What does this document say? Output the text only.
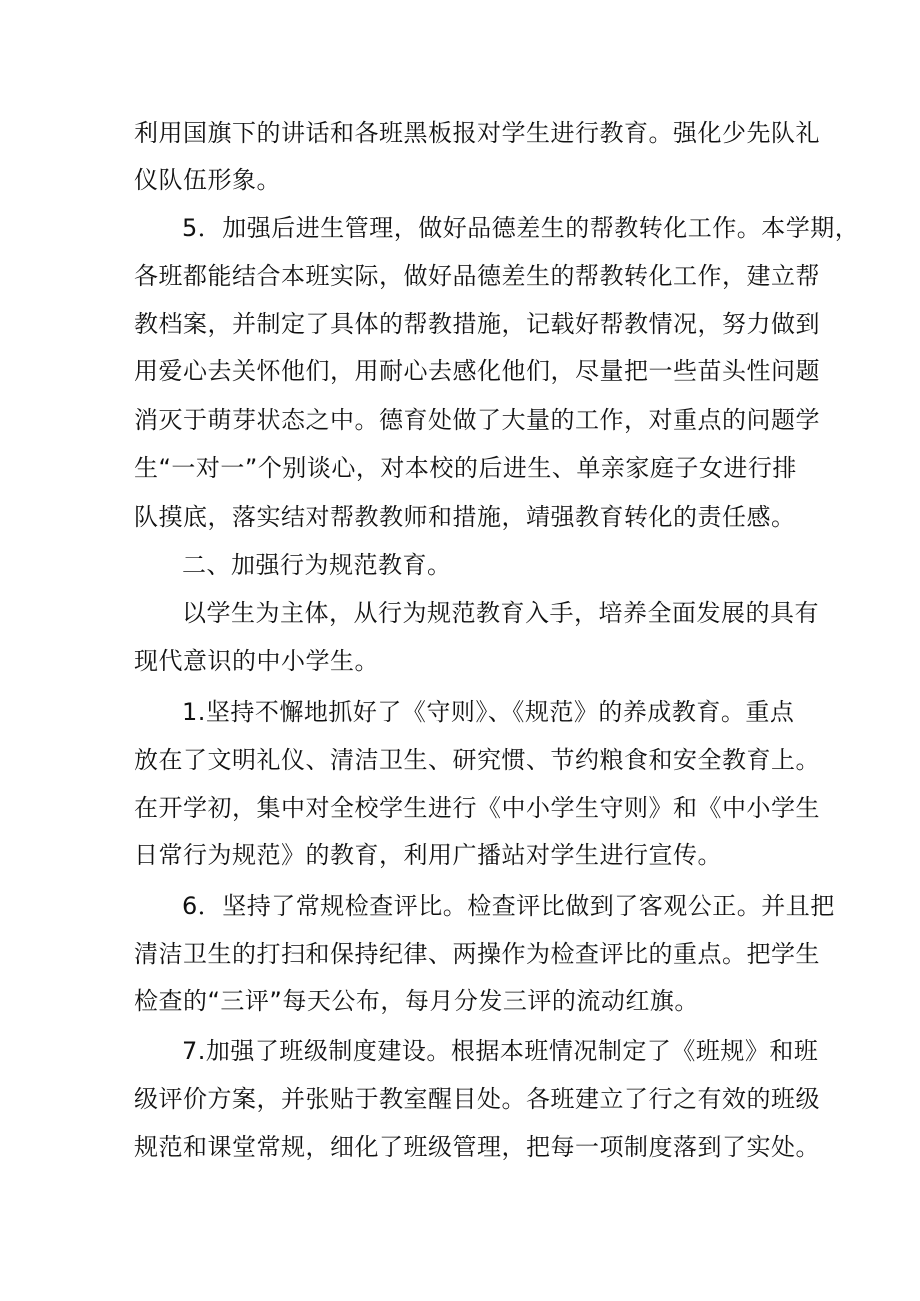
利用国旗下的讲话和各班黑板报对学生进行教育。强化少先队礼
仪队伍形象。
5．加强后进生管理，做好品德差生的帮教转化工作。本学期，
各班都能结合本班实际，做好品德差生的帮教转化工作，建立帮
教档案，并制定了具体的帮教措施，记载好帮教情况，努力做到
用爱心去关怀他们，用耐心去感化他们，尽量把一些苗头性问题
消灭于萌芽状态之中。德育处做了大量的工作，对重点的问题学
生“一对一”个别谈心，对本校的后进生、单亲家庭子女进行排
队摸底，落实结对帮教教师和措施，靖强教育转化的责任感。
二、加强行为规范教育。
以学生为主体，从行为规范教育入手，培养全面发展的具有
现代意识的中小学生。
1.坚持不懈地抓好了《守则》、《规范》的养成教育。重点
放在了文明礼仪、清洁卫生、研究惯、节约粮食和安全教育上。
在开学初，集中对全校学生进行《中小学生守则》和《中小学生
日常行为规范》的教育，利用广播站对学生进行宣传。
6．坚持了常规检查评比。检查评比做到了客观公正。并且把
清洁卫生的打扫和保持纪律、两操作为检查评比的重点。把学生
检查的“三评”每天公布，每月分发三评的流动红旗。
7.加强了班级制度建设。根据本班情况制定了《班规》和班
级评价方案，并张贴于教室醒目处。各班建立了行之有效的班级
规范和课堂常规，细化了班级管理，把每一项制度落到了实处。
